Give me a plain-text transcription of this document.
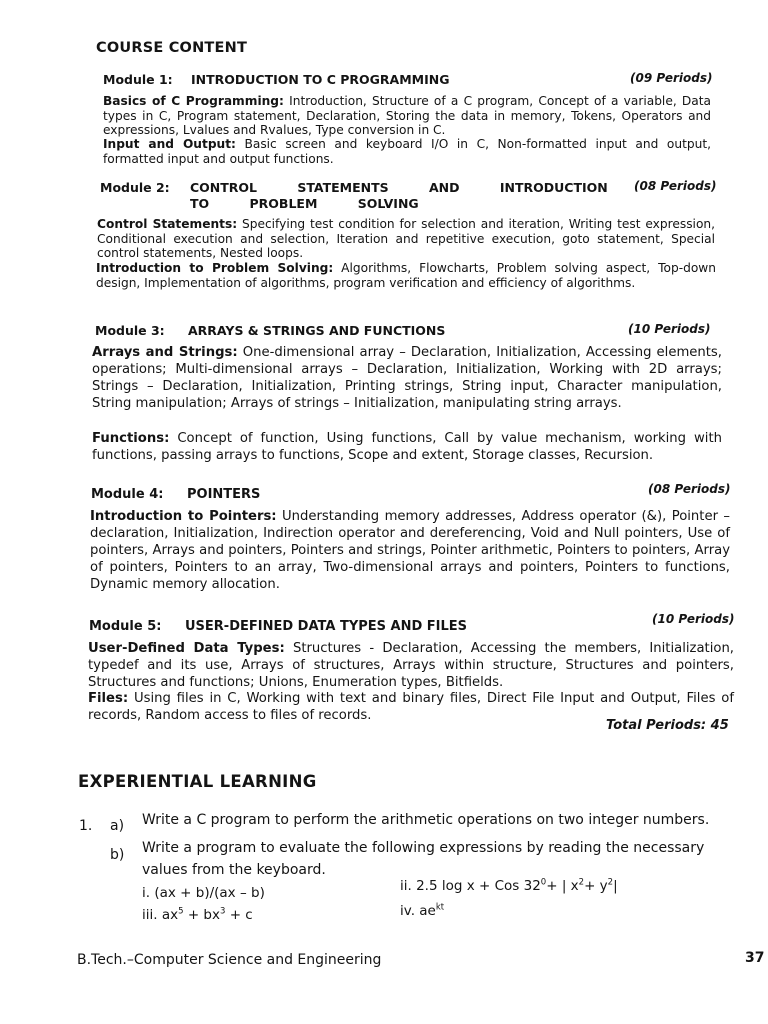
COURSE CONTENT
Module 1: INTRODUCTION TO C PROGRAMMING	(09 Periods)
Basics of C Programming: Introduction, Structure of a C program, Concept of a variable, Data types in C, Program statement, Declaration, Storing the data in memory, Tokens, Operators and expressions, Lvalues and Rvalues, Type conversion in C.
Input and Output: Basic screen and keyboard I/O in C, Non-formatted input and output, formatted input and output functions.
Module 2: CONTROL STATEMENTS AND INTRODUCTION TO PROBLEM SOLVING
(08 Periods)
Control Statements: Specifying test condition for selection and iteration, Writing test expression, Conditional execution and selection, Iteration and repetitive execution, goto statement, Special control statements, Nested loops.
Introduction to Problem Solving: Algorithms, Flowcharts, Problem solving aspect, Top-down design, Implementation of algorithms, program verification and efficiency of algorithms.
Module 3: ARRAYS & STRINGS AND FUNCTIONS	(10 Periods)
Arrays and Strings: One-dimensional array – Declaration, Initialization, Accessing elements, operations; Multi-dimensional arrays – Declaration, Initialization, Working with 2D arrays; Strings – Declaration, Initialization, Printing strings, String input, Character manipulation, String manipulation; Arrays of strings – Initialization, manipulating string arrays.
Functions: Concept of function, Using functions, Call by value mechanism, working with functions, passing arrays to functions, Scope and extent, Storage classes, Recursion.
Module 4: POINTERS	(08 Periods)
Introduction to Pointers: Understanding memory addresses, Address operator (&), Pointer – declaration, Initialization, Indirection operator and dereferencing, Void and Null pointers, Use of pointers, Arrays and pointers, Pointers and strings, Pointer arithmetic, Pointers to pointers, Array of pointers, Pointers to an array, Two-dimensional arrays and pointers, Pointers to functions, Dynamic memory allocation.
Module 5: USER-DEFINED DATA TYPES AND FILES	(10 Periods)
User-Defined Data Types: Structures - Declaration, Accessing the members, Initialization, typedef and its use, Arrays of structures, Arrays within structure, Structures and pointers, Structures and functions; Unions, Enumeration types, Bitfields.
Files: Using files in C, Working with text and binary files, Direct File Input and Output, Files of records, Random access to files of records.
Total Periods: 45
EXPERIENTIAL LEARNING
1. a) Write a C program to perform the arithmetic operations on two integer numbers.
b) Write a program to evaluate the following expressions by reading the necessary
values from the keyboard.
i. (ax + b)/(ax – b)	ii. 2.5 log x + Cos $32^0+$ | $x^2+ y^2|$
iii. $ax^5 + bx^3 + c$	iv. $ae^{kt}$
B.Tech.–Computer Science and Engineering	37
